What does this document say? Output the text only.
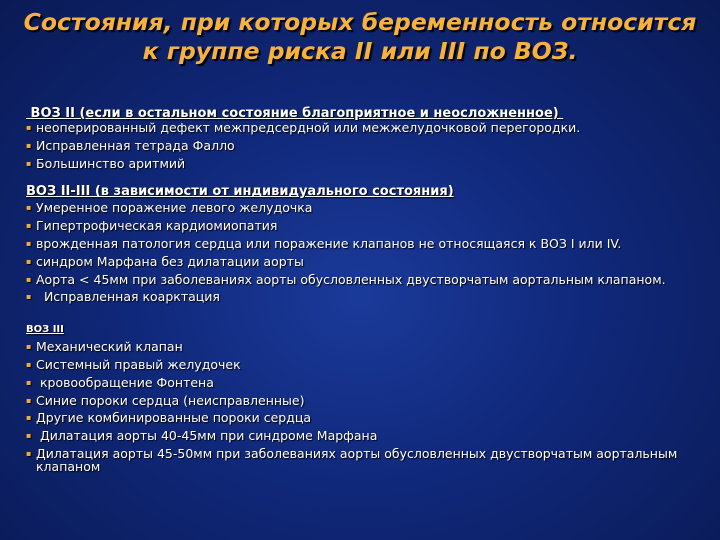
Состояния, при которых беременность относится к группе риска II или III по ВОЗ.
ВОЗ II (если в остальном состояние благоприятное и неосложненное)
▪ неоперированный дефект межпредсердной или межжелудочковой перегородки.
▪ Исправленная тетрада Фалло
▪ Большинство аритмий
ВОЗ II-III (в зависимости от индивидуального состояния)
▪ Умеренное поражение левого желудочка
▪ Гипертрофическая кардиомиопатия
▪ врожденная патология сердца или поражение клапанов не относящаяся к ВОЗ I или IV.
▪ синдром Марфана без дилатации аорты
▪ Аорта < 45мм при заболеваниях аорты обусловленных двустворчатым аортальным клапаном.
▪ Исправленная коарктация
ВОЗ III
▪ Механический клапан
▪ Системный правый желудочек
▪ кровообращение Фонтена
▪ Синие пороки сердца (неисправленные)
▪ Другие комбинированные пороки сердца
▪ Дилатация аорты 40-45мм при синдроме Марфана
▪ Дилатация аорты 45-50мм при заболеваниях аорты обусловленных двустворчатым аортальным клапаном
